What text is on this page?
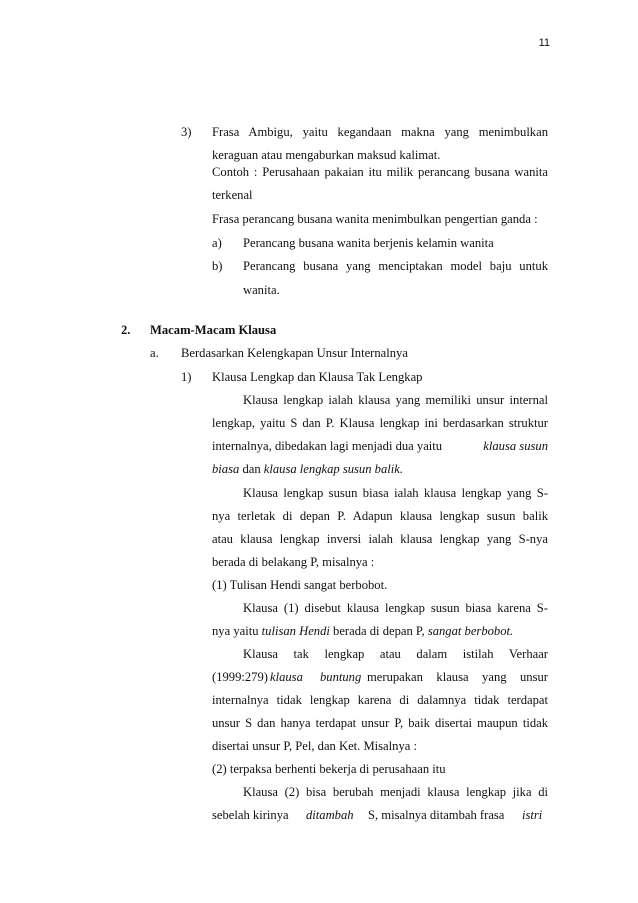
11
3) Frasa Ambigu, yaitu kegandaan makna yang menimbulkan
keraguan atau mengaburkan maksud kalimat.
Contoh : Perusahaan pakaian itu milik perancang busana wanita
terkenal
Frasa perancang busana wanita menimbulkan pengertian ganda :
a) Perancang busana wanita berjenis kelamin wanita
b) Perancang busana yang menciptakan model baju untuk
wanita.
2. Macam-Macam Klausa
a. Berdasarkan Kelengkapan Unsur Internalnya
1) Klausa Lengkap dan Klausa Tak Lengkap
Klausa lengkap ialah klausa yang memiliki unsur internal
lengkap, yaitu S dan P. Klausa lengkap ini berdasarkan struktur
internalnya, dibedakan lagi menjadi dua yaitu	klausa susun
biasa dan klausa lengkap susun balik.
Klausa lengkap susun biasa ialah klausa lengkap yang S-
nya terletak di depan P. Adapun klausa lengkap susun balik
atau klausa lengkap inversi ialah klausa lengkap yang S-nya
berada di belakang P, misalnya :
(1) Tulisan Hendi sangat berbobot.
Klausa (1) disebut klausa lengkap susun biasa karena S-
nya yaitu tulisan Hendi berada di depan P, sangat berbobot.
Klausa tak lengkap atau dalam istilah Verhaar
(1999:279) klausa buntung merupakan klausa yang unsur
internalnya tidak lengkap karena di dalamnya tidak terdapat
unsur S dan hanya terdapat unsur P, baik disertai maupun tidak
disertai unsur P, Pel, dan Ket. Misalnya :
(2) terpaksa berhenti bekerja di perusahaan itu
Klausa (2) bisa berubah menjadi klausa lengkap jika di
sebelah kirinya ditambah S, misalnya ditambah frasa istri
